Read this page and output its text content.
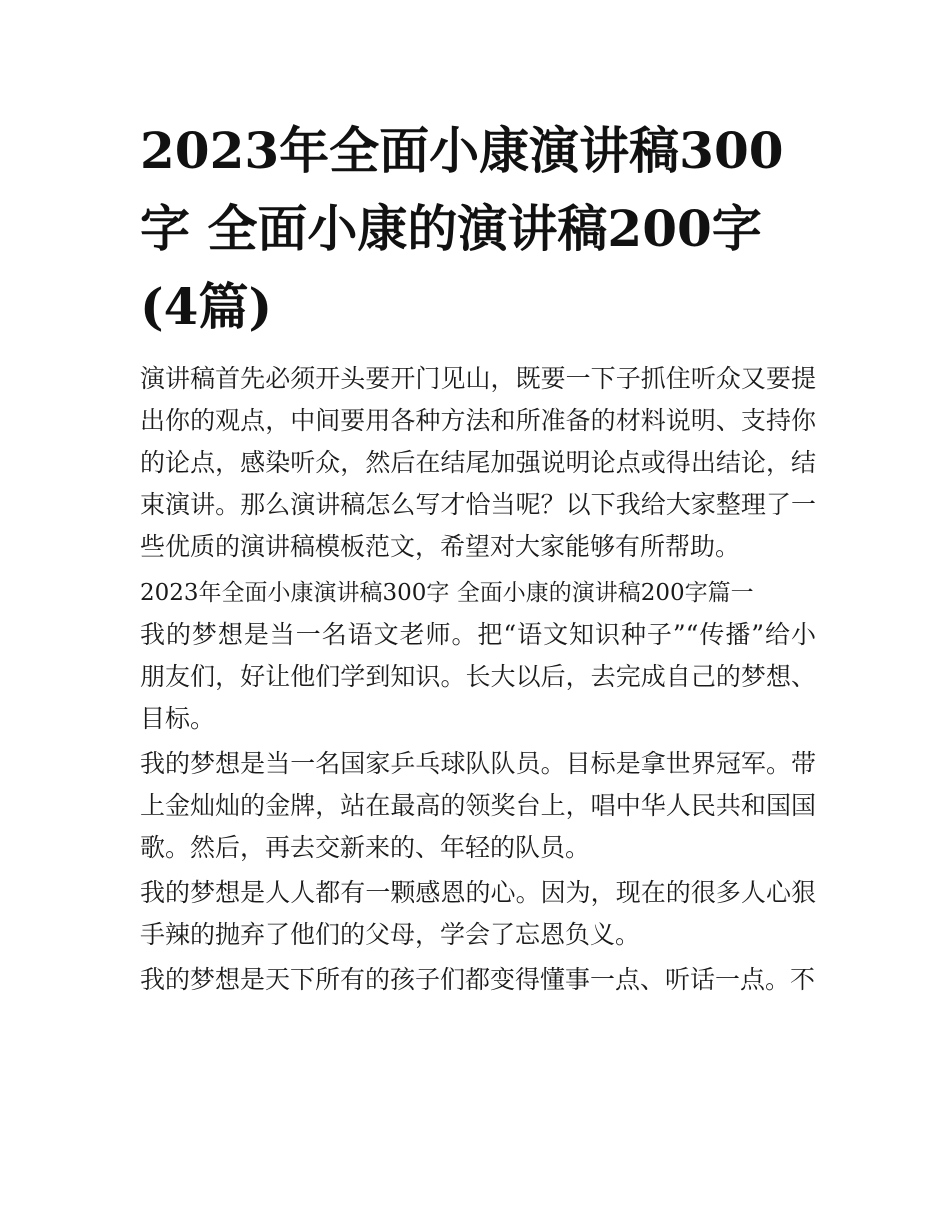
2023年全面小康演讲稿300字 全面小康的演讲稿200字(4篇)

演讲稿首先必须开头要开门见山，既要一下子抓住听众又要提出你的观点，中间要用各种方法和所准备的材料说明、支持你的论点，感染听众，然后在结尾加强说明论点或得出结论，结束演讲。那么演讲稿怎么写才恰当呢？以下我给大家整理了一些优质的演讲稿模板范文，希望对大家能够有所帮助。

2023年全面小康演讲稿300字 全面小康的演讲稿200字篇一

我的梦想是当一名语文老师。把“语文知识种子”“传播”给小朋友们，好让他们学到知识。长大以后，去完成自己的梦想、目标。

我的梦想是当一名国家乒乓球队队员。目标是拿世界冠军。带上金灿灿的金牌，站在最高的领奖台上，唱中华人民共和国国歌。然后，再去交新来的、年轻的队员。

我的梦想是人人都有一颗感恩的心。因为，现在的很多人心狠手辣的抛弃了他们的父母，学会了忘恩负义。

我的梦想是天下所有的孩子们都变得懂事一点、听话一点。不
